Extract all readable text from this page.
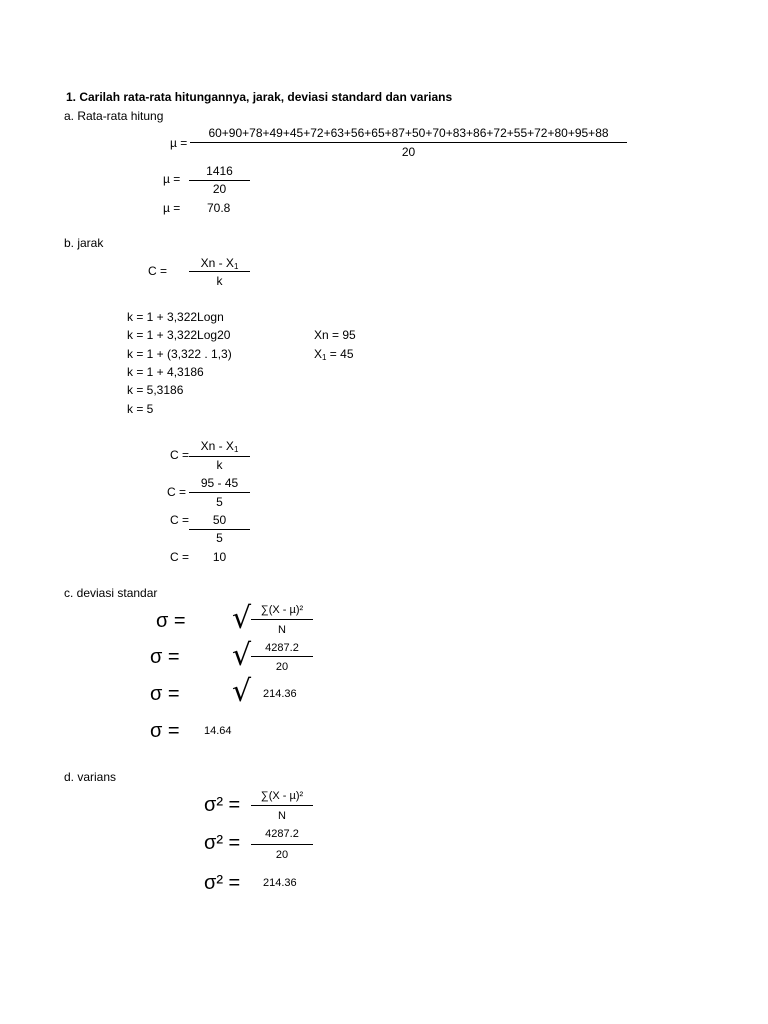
1. Carilah rata-rata hitungannya, jarak, deviasi standard dan varians
a. Rata-rata hitung
µ =
60+90+78+49+45+72+63+56+65+87+50+70+83+86+72+55+72+80+95+88
20
µ =
1416
20
µ = 70.8
b. jarak
C =
Xn - $X_1$
k
k = 1 + 3,322Logn
k = 1 + 3,322Log20
k = 1 + (3,322 . 1,3)
k = 1 + 4,3186
k = 5,3186
k = 5
Xn = 95
$X_1 = 45$
C =
Xn - $X_1$
k
C =
95 - 45
5
C =	50
5
C =	10
c. deviasi standar
σ = √ ∑(X - µ)²
N
σ = √	4287.2
20
σ = √ 214.36
σ = 14.64
d. varians
σ² =	∑(X - µ)²
N
σ² =	4287.2
20
σ² = 214.36
